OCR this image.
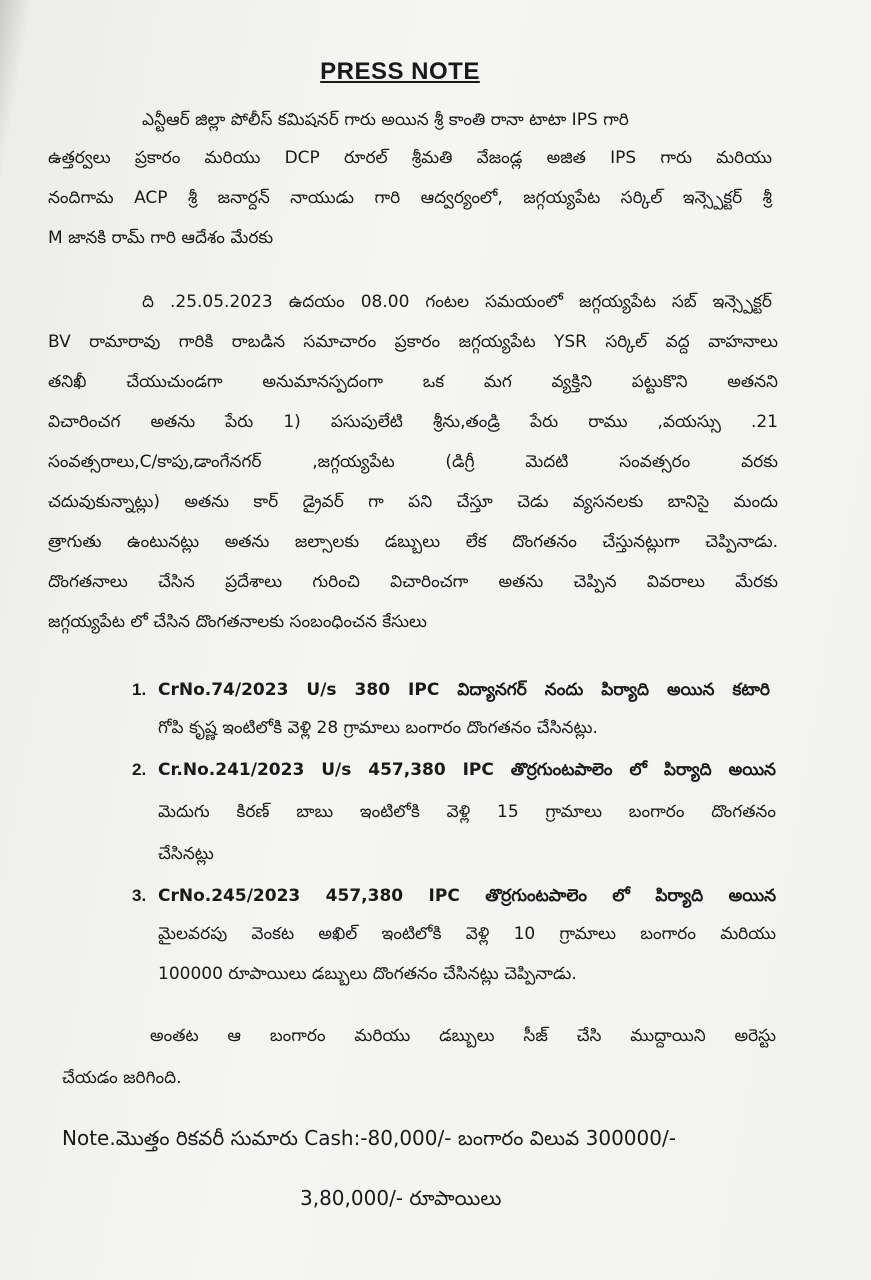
PRESS NOTE
ఎన్టీఆర్ జిల్లా పోలీస్ కమిషనర్ గారు అయిన శ్రీ కాంతి రానా టాటా IPS గారి
ఉత్తర్వలు ప్రకారం మరియు DCP రూరల్ శ్రీమతి వేజండ్ల అజిత IPS గారు మరియు
నందిగామ ACP శ్రీ జనార్దన్ నాయుడు గారి ఆద్వర్యంలో, జగ్గయ్యపేట సర్కిల్ ఇన్స్పెక్టర్ శ్రీ
M జానకి రామ్ గారి ఆదేశం మేరకు
ది .25.05.2023 ఉదయం 08.00 గంటల సమయంలో జగ్గయ్యపేట సబ్ ఇన్స్పెక్టర్
BV రామారావు గారికి రాబడిన సమాచారం ప్రకారం జగ్గయ్యపేట YSR సర్కిల్ వద్ద వాహనాలు
తనిఖీ చేయుచుండగా అనుమానస్పదంగా ఒక మగ వ్యక్తిని పట్టుకొని అతనని
విచారించగ అతను పేరు 1) పసుపులేటి శ్రీను,తండ్రి పేరు రాము ,వయస్సు .21
సంవత్సరాలు,C/కాపు,డాంగేనగర్ ,జగ్గయ్యపేట (డిగ్రీ మెదటి సంవత్సరం వరకు
చదువుకున్నాట్లు) అతను కార్ డ్రైవర్ గా పని చేస్తూ చెడు వ్యసనలకు బానిసై మందు
త్రాగుతు ఉంటునట్లు అతను జల్సాలకు డబ్బులు లేక దొంగతనం చేస్తునట్లుగా చెప్పినాడు.
దొంగతనాలు చేసిన ప్రదేశాలు గురించి విచారించగా అతను చెప్పిన వివరాలు మేరకు
జగ్గయ్యపేట లో చేసిన దొంగతనాలకు సంబంధించన కేసులు
1. CrNo.74/2023 U/s 380 IPC విద్యానగర్ నందు పిర్యాది అయిన కటారి
గోపి కృష్ణ ఇంటిలోకి వెళ్లి 28 గ్రామాలు బంగారం దొంగతనం చేసినట్లు.
2. Cr.No.241/2023 U/s 457,380 IPC తొర్రగుంటపాలెం లో పిర్యాది అయిన
మెదుగు కిరణ్ బాబు ఇంటిలోకి వెళ్లి 15 గ్రామాలు బంగారం దొంగతనం
చేసినట్లు
3. CrNo.245/2023 457,380 IPC తొర్రగుంటపాలెం లో పిర్యాది అయిన
మైలవరపు వెంకట అఖిల్ ఇంటిలోకి వెళ్లి 10 గ్రామాలు బంగారం మరియు
100000 రూపాయిలు డబ్బులు దొంగతనం చేసినట్లు చెప్పినాడు.
అంతట ఆ బంగారం మరియు డబ్బులు సీజ్ చేసి ముద్దాయిని అరెస్టు
చేయడం జరిగింది.
Note.మొత్తం రికవరీ సుమారు Cash:-80,000/- బంగారం విలువ 300000/-
3,80,000/- రూపాయిలు
